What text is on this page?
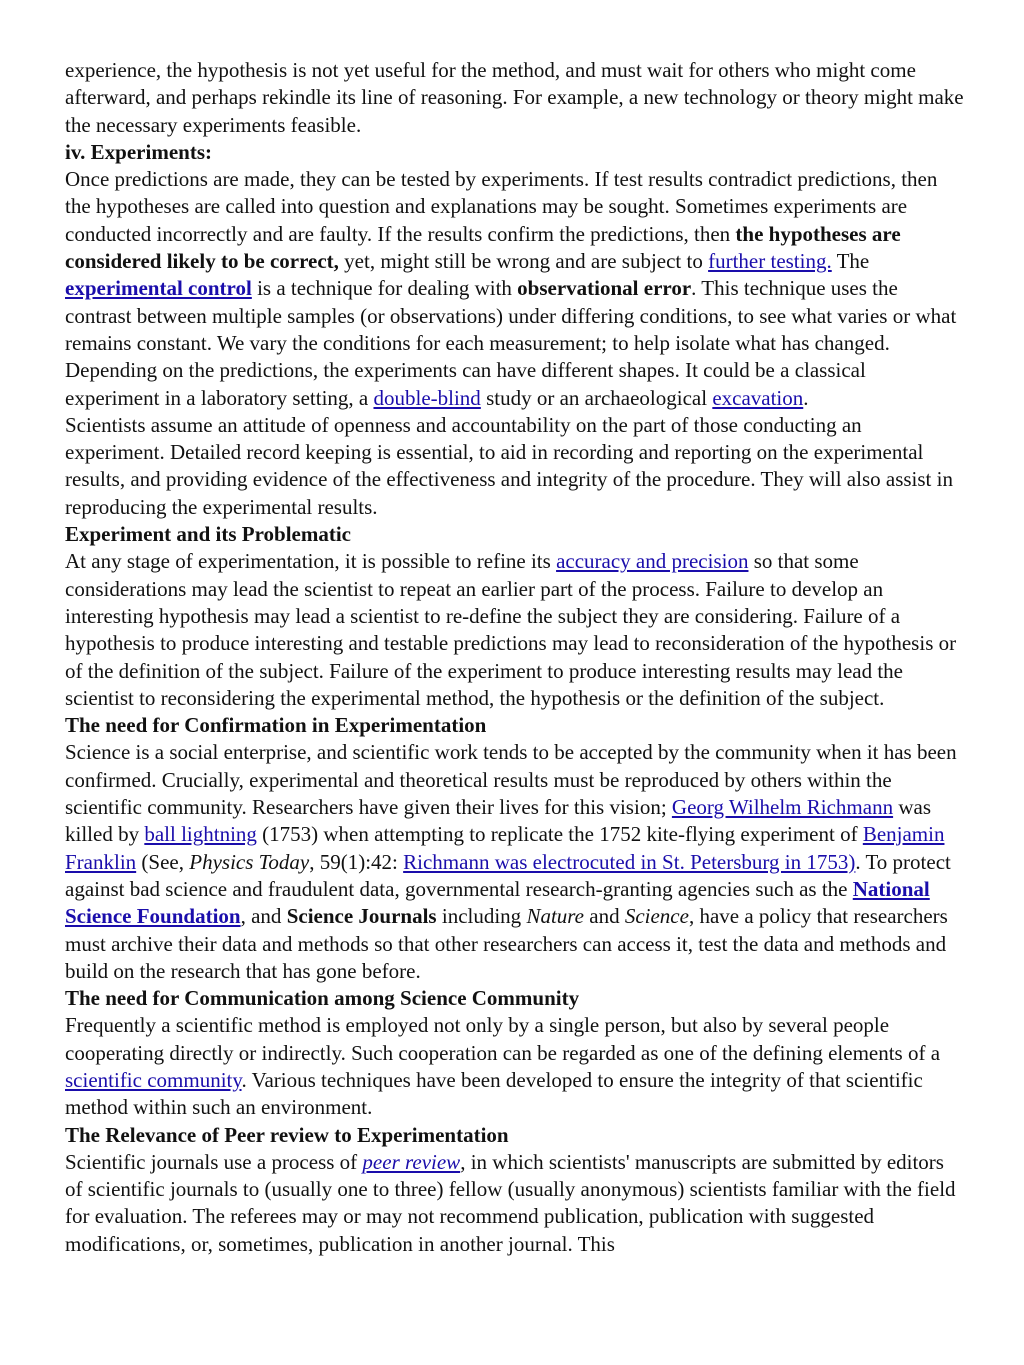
experience, the hypothesis is not yet useful for the method, and must wait for others who might come afterward, and perhaps rekindle its line of reasoning. For example, a new technology or theory might make the necessary experiments feasible.

iv. Experiments:

Once predictions are made, they can be tested by experiments. If test results contradict predictions, then the hypotheses are called into question and explanations may be sought. Sometimes experiments are conducted incorrectly and are faulty. If the results confirm the predictions, then the hypotheses are considered likely to be correct, yet, might still be wrong and are subject to further testing. The experimental control is a technique for dealing with observational error. This technique uses the contrast between multiple samples (or observations) under differing conditions, to see what varies or what remains constant. We vary the conditions for each measurement; to help isolate what has changed. Depending on the predictions, the experiments can have different shapes. It could be a classical experiment in a laboratory setting, a double-blind study or an archaeological excavation.

Scientists assume an attitude of openness and accountability on the part of those conducting an experiment. Detailed record keeping is essential, to aid in recording and reporting on the experimental results, and providing evidence of the effectiveness and integrity of the procedure. They will also assist in reproducing the experimental results.

Experiment and its Problematic

At any stage of experimentation, it is possible to refine its accuracy and precision so that some considerations may lead the scientist to repeat an earlier part of the process. Failure to develop an interesting hypothesis may lead a scientist to re-define the subject they are considering. Failure of a hypothesis to produce interesting and testable predictions may lead to reconsideration of the hypothesis or of the definition of the subject. Failure of the experiment to produce interesting results may lead the scientist to reconsidering the experimental method, the hypothesis or the definition of the subject.

The need for Confirmation in Experimentation

Science is a social enterprise, and scientific work tends to be accepted by the community when it has been confirmed. Crucially, experimental and theoretical results must be reproduced by others within the scientific community. Researchers have given their lives for this vision; Georg Wilhelm Richmann was killed by ball lightning (1753) when attempting to replicate the 1752 kite-flying experiment of Benjamin Franklin (See, Physics Today, 59(1):42: Richmann was electrocuted in St. Petersburg in 1753). To protect against bad science and fraudulent data, governmental research-granting agencies such as the National Science Foundation, and Science Journals including Nature and Science, have a policy that researchers must archive their data and methods so that other researchers can access it, test the data and methods and build on the research that has gone before.

The need for Communication among Science Community

Frequently a scientific method is employed not only by a single person, but also by several people cooperating directly or indirectly. Such cooperation can be regarded as one of the defining elements of a scientific community. Various techniques have been developed to ensure the integrity of that scientific method within such an environment.

The Relevance of Peer review to Experimentation

Scientific journals use a process of peer review, in which scientists' manuscripts are submitted by editors of scientific journals to (usually one to three) fellow (usually anonymous) scientists familiar with the field for evaluation. The referees may or may not recommend publication, publication with suggested modifications, or, sometimes, publication in another journal. This
